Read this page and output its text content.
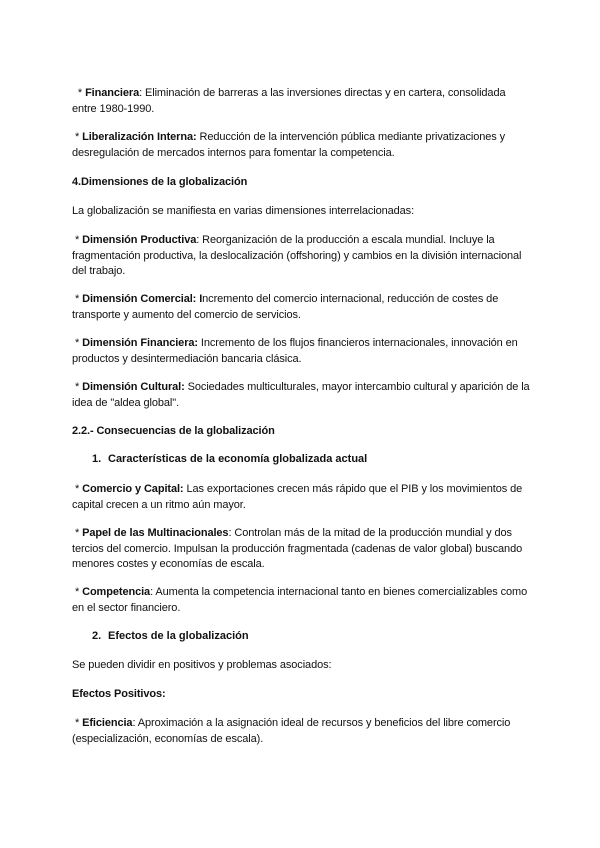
* Financiera: Eliminación de barreras a las inversiones directas y en cartera, consolidada entre 1980-1990.

* Liberalización Interna: Reducción de la intervención pública mediante privatizaciones y desregulación de mercados internos para fomentar la competencia.

4.Dimensiones de la globalización

La globalización se manifiesta en varias dimensiones interrelacionadas:

* Dimensión Productiva: Reorganización de la producción a escala mundial. Incluye la fragmentación productiva, la deslocalización (offshoring) y cambios en la división internacional del trabajo.

* Dimensión Comercial: Incremento del comercio internacional, reducción de costes de transporte y aumento del comercio de servicios.

* Dimensión Financiera: Incremento de los flujos financieros internacionales, innovación en productos y desintermediación bancaria clásica.

* Dimensión Cultural: Sociedades multiculturales, mayor intercambio cultural y aparición de la idea de "aldea global".

2.2.- Consecuencias de la globalización

1. Características de la economía globalizada actual

* Comercio y Capital: Las exportaciones crecen más rápido que el PIB y los movimientos de capital crecen a un ritmo aún mayor.

* Papel de las Multinacionales: Controlan más de la mitad de la producción mundial y dos tercios del comercio. Impulsan la producción fragmentada (cadenas de valor global) buscando menores costes y economías de escala.

* Competencia: Aumenta la competencia internacional tanto en bienes comercializables como en el sector financiero.

2. Efectos de la globalización

Se pueden dividir en positivos y problemas asociados:

Efectos Positivos:

* Eficiencia: Aproximación a la asignación ideal de recursos y beneficios del libre comercio (especialización, economías de escala).
